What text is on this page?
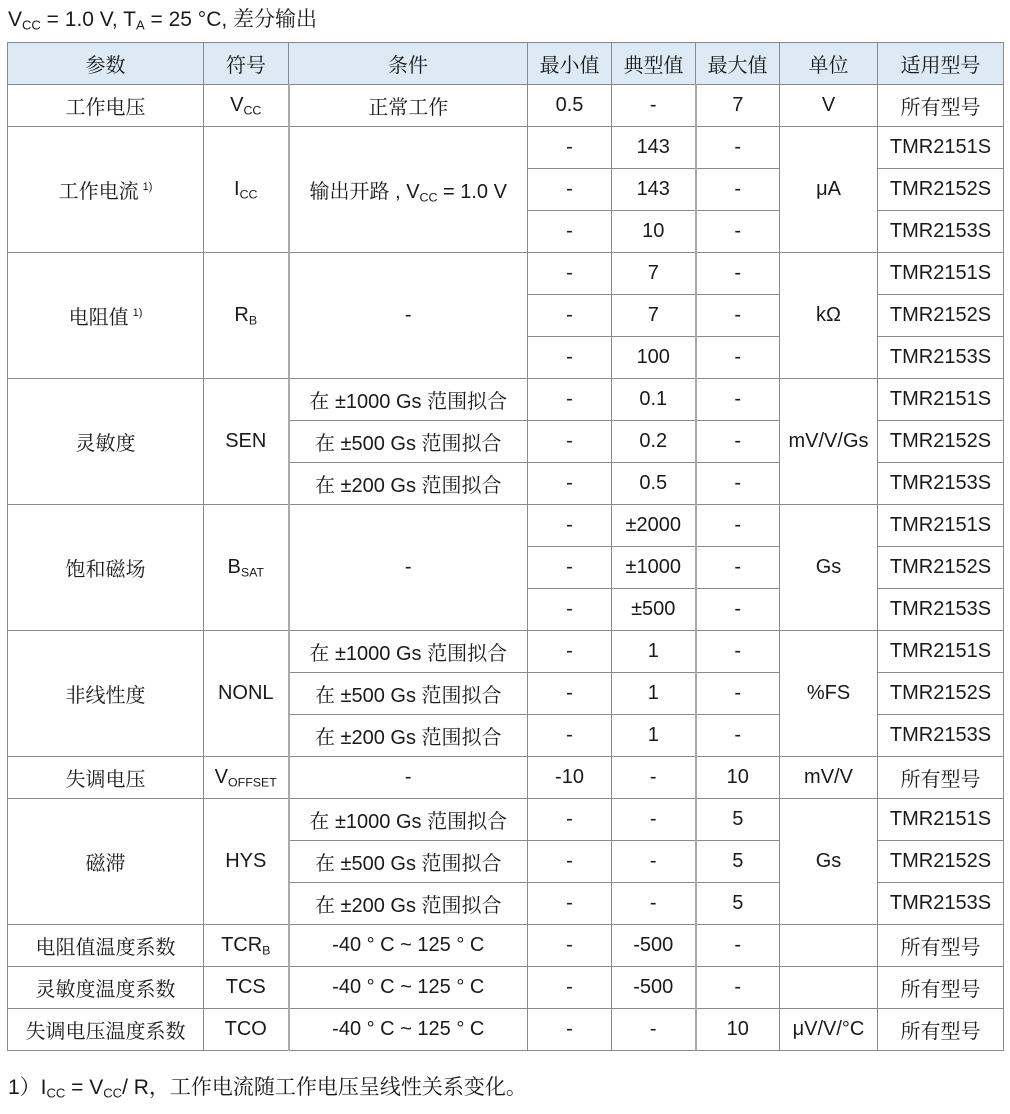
$V_{CC} = 1.0$ V, $T_A = 25$ °C, 差分输出
参数	符号	条件	最小值	典型值	最大值	单位	适用型号
工作电压	$V_{CC}$	正常工作	0.5	-	7	V	所有型号
工作电流 $^{1)}$	$I_{CC}$	输出开路 , $V_{CC} = 1.0$ V	-	143	-	μA	TMR2151S
			-	143	-		TMR2152S
			-	10	-		TMR2153S
电阻值 $^{1)}$	$R_B$	-	-	7	-	kΩ	TMR2151S
			-	7	-		TMR2152S
			-	100	-		TMR2153S
灵敏度	SEN	在 ±1000 Gs 范围拟合	-	0.1	-	mV/V/Gs	TMR2151S
		在 ±500 Gs 范围拟合	-	0.2	-		TMR2152S
		在 ±200 Gs 范围拟合	-	0.5	-		TMR2153S
饱和磁场	$B_{SAT}$	-	-	±2000	-	Gs	TMR2151S
			-	±1000	-		TMR2152S
			-	±500	-		TMR2153S
非线性度	NONL	在 ±1000 Gs 范围拟合	-	1	-	%FS	TMR2151S
		在 ±500 Gs 范围拟合	-	1	-		TMR2152S
		在 ±200 Gs 范围拟合	-	1	-		TMR2153S
失调电压	$V_{OFFSET}$	-	-10	-	10	mV/V	所有型号
磁滞	HYS	在 ±1000 Gs 范围拟合	-	-	5	Gs	TMR2151S
		在 ±500 Gs 范围拟合	-	-	5		TMR2152S
		在 ±200 Gs 范围拟合	-	-	5		TMR2153S
电阻值温度系数	$TCR_B$	-40 ° C ~ 125 ° C	-	-500	-		所有型号
灵敏度温度系数	TCS	-40 ° C ~ 125 ° C	-	-500	-		所有型号
失调电压温度系数	TCO	-40 ° C ~ 125 ° C	-	-	10	μV/V/°C	所有型号
$1)I_{CC} = V_{CC}/$ R，工作电流随工作电压呈线性关系变化。
